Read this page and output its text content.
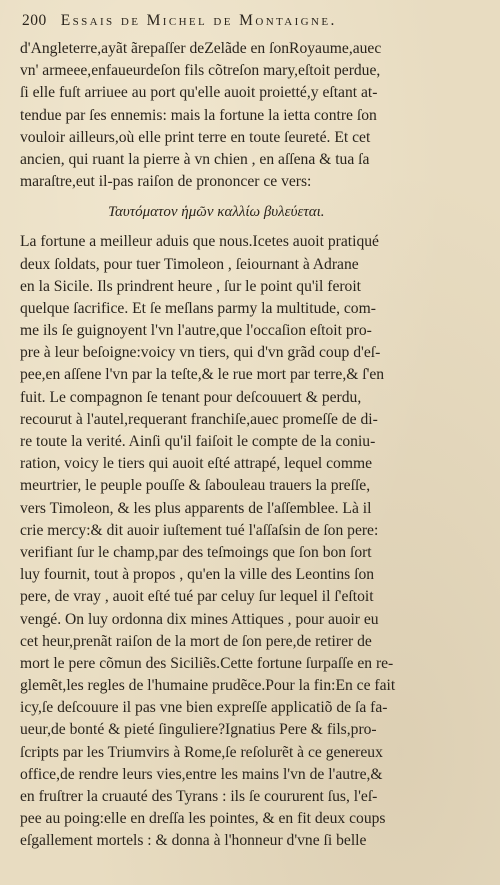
200 Essais de Michel de Montaigne.
d'Angleterre,ayãt ãrepaſſer deZelãde en ſonRoyaume,auec
vn' armeee,enfaueurdeſon fils cõtreſon mary,eſtoit perdue,
ſi elle fuſt arriuee au port qu'elle auoit proietté,y eſtant at-
tendue par ſes ennemis: mais la fortune la ietta contre ſon
vouloir ailleurs,où elle print terre en toute ſeureté. Et cet
ancien, qui ruant la pierre à vn chien , en aſſena & tua ſa
maraſtre,eut il-pas raiſon de prononcer ce vers:
Ταυτόματον ἡμῶν καλλίω βυλεύεται.
La fortune a meilleur aduis que nous.Icetes auoit pratiqué
deux ſoldats, pour tuer Timoleon , ſeiournant à Adrane
en la Sicile. Ils prindrent heure , ſur le point qu'il feroit
quelque ſacrifice. Et ſe meſlans parmy la multitude, com-
me ils ſe guignoyent l'vn l'autre,que l'occaſion eſtoit pro-
pre à leur beſoigne:voicy vn tiers, qui d'vn grãd coup d'eſ-
pee,en aſſene l'vn par la teſte,& le rue mort par terre,& ſ'en
fuit. Le compagnon ſe tenant pour deſcouuert & perdu,
recourut à l'autel,requerant franchiſe,auec promeſſe de di-
re toute la verité. Ainſi qu'il faiſoit le compte de la coniu-
ration, voicy le tiers qui auoit eſté attrapé, lequel comme
meurtrier, le peuple pouſſe & ſabouleau trauers la preſſe,
vers Timoleon, & les plus apparents de l'aſſemblee. Là il
crie mercy:& dit auoir iuſtement tué l'aſſaſsin de ſon pere:
verifiant ſur le champ,par des teſmoings que ſon bon ſort
luy fournit, tout à propos , qu'en la ville des Leontins ſon
pere, de vray , auoit eſté tué par celuy ſur lequel il ſ'eſtoit
vengé. On luy ordonna dix mines Attiques , pour auoir eu
cet heur,prenãt raiſon de la mort de ſon pere,de retirer de
mort le pere cõmun des Siciliẽs.Cette fortune ſurpaſſe en re-
glemẽt,les regles de l'humaine prudẽce.Pour la fin:En ce fait
icy,ſe deſcouure il pas vne bien expreſſe applicatiõ de ſa fa-
ueur,de bonté & pieté ſinguliere?Ignatius Pere & fils,pro-
ſcripts par les Triumvirs à Rome,ſe reſolurẽt à ce genereux
office,de rendre leurs vies,entre les mains l'vn de l'autre,&
en fruſtrer la cruauté des Tyrans : ils ſe coururent ſus, l'eſ-
pee au poing:elle en dreſſa les pointes, & en fit deux coups
eſgallement mortels : & donna à l'honneur d'vne ſi belle
